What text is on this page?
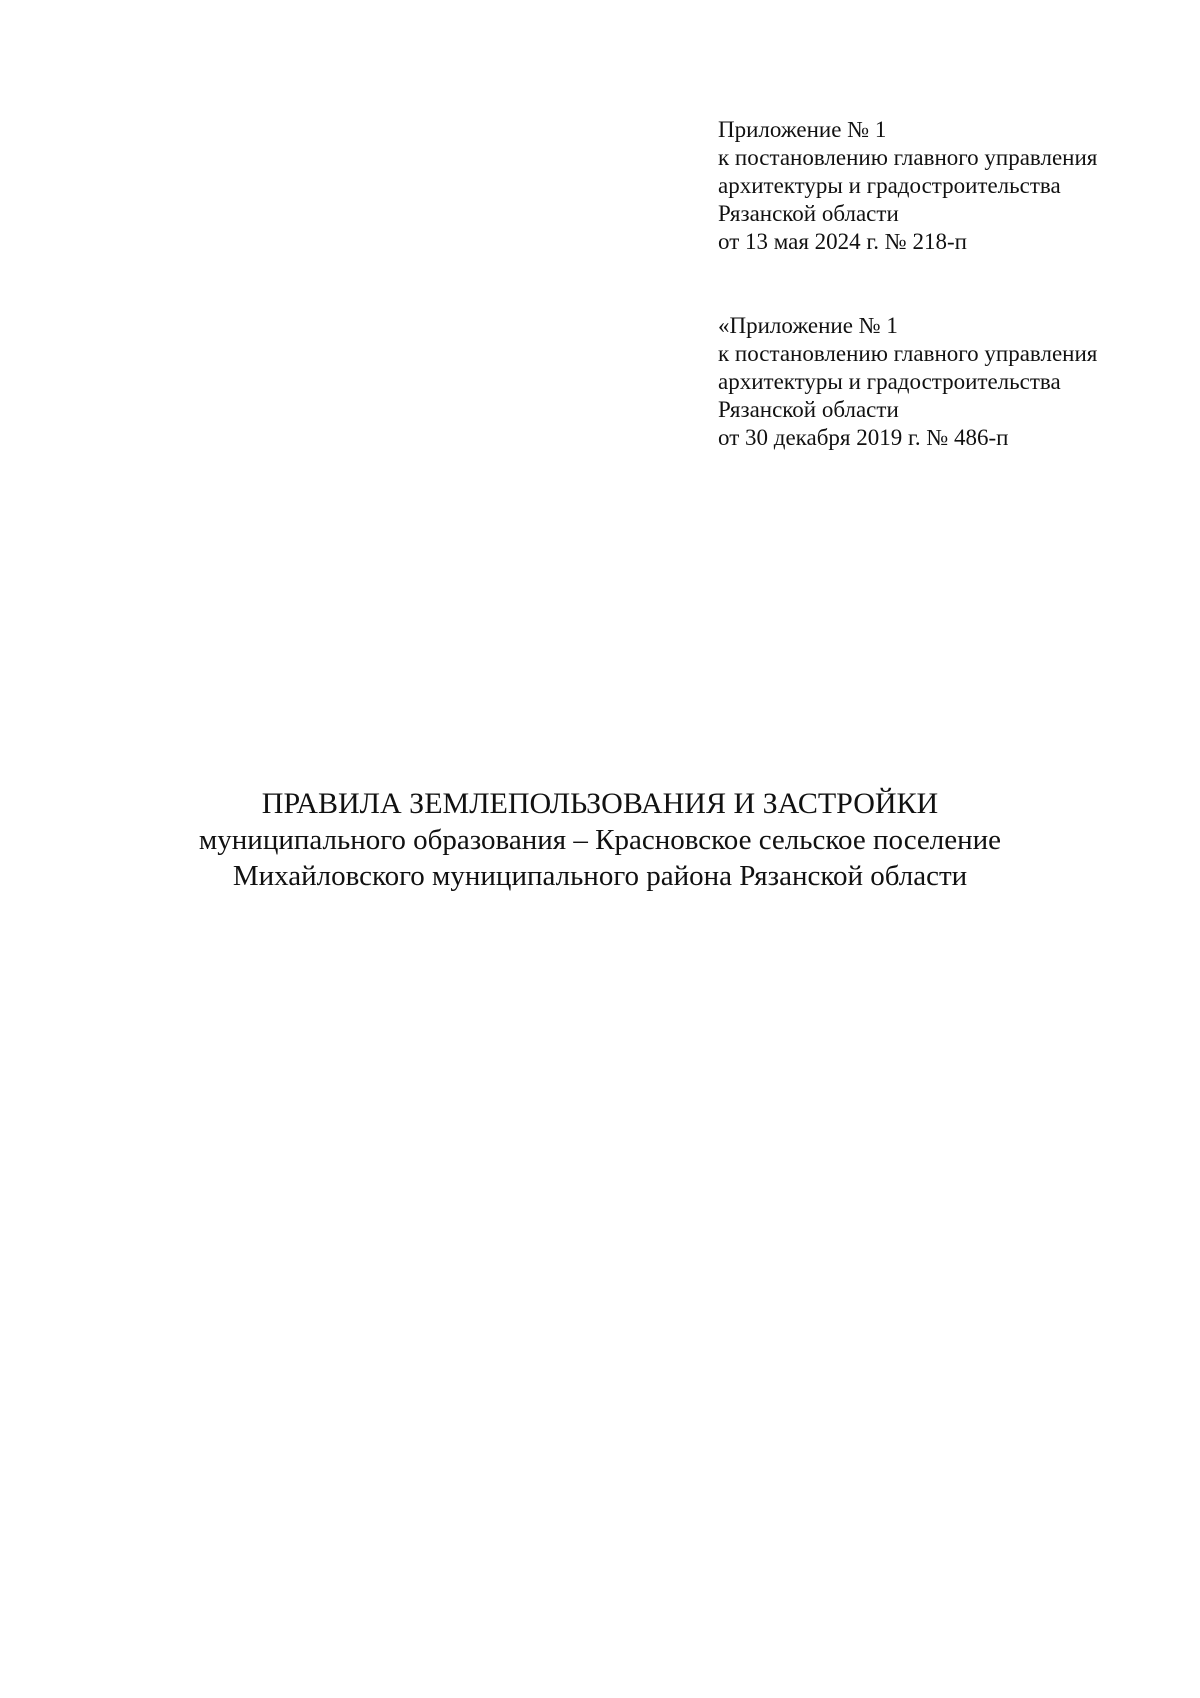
Приложение № 1
к постановлению главного управления
архитектуры и градостроительства
Рязанской области
от 13 мая 2024 г. № 218-п
«Приложение № 1
к постановлению главного управления
архитектуры и градостроительства
Рязанской области
от 30 декабря 2019 г. № 486-п
ПРАВИЛА ЗЕМЛЕПОЛЬЗОВАНИЯ И ЗАСТРОЙКИ
муниципального образования – Красновское сельское поселение
Михайловского муниципального района Рязанской области
